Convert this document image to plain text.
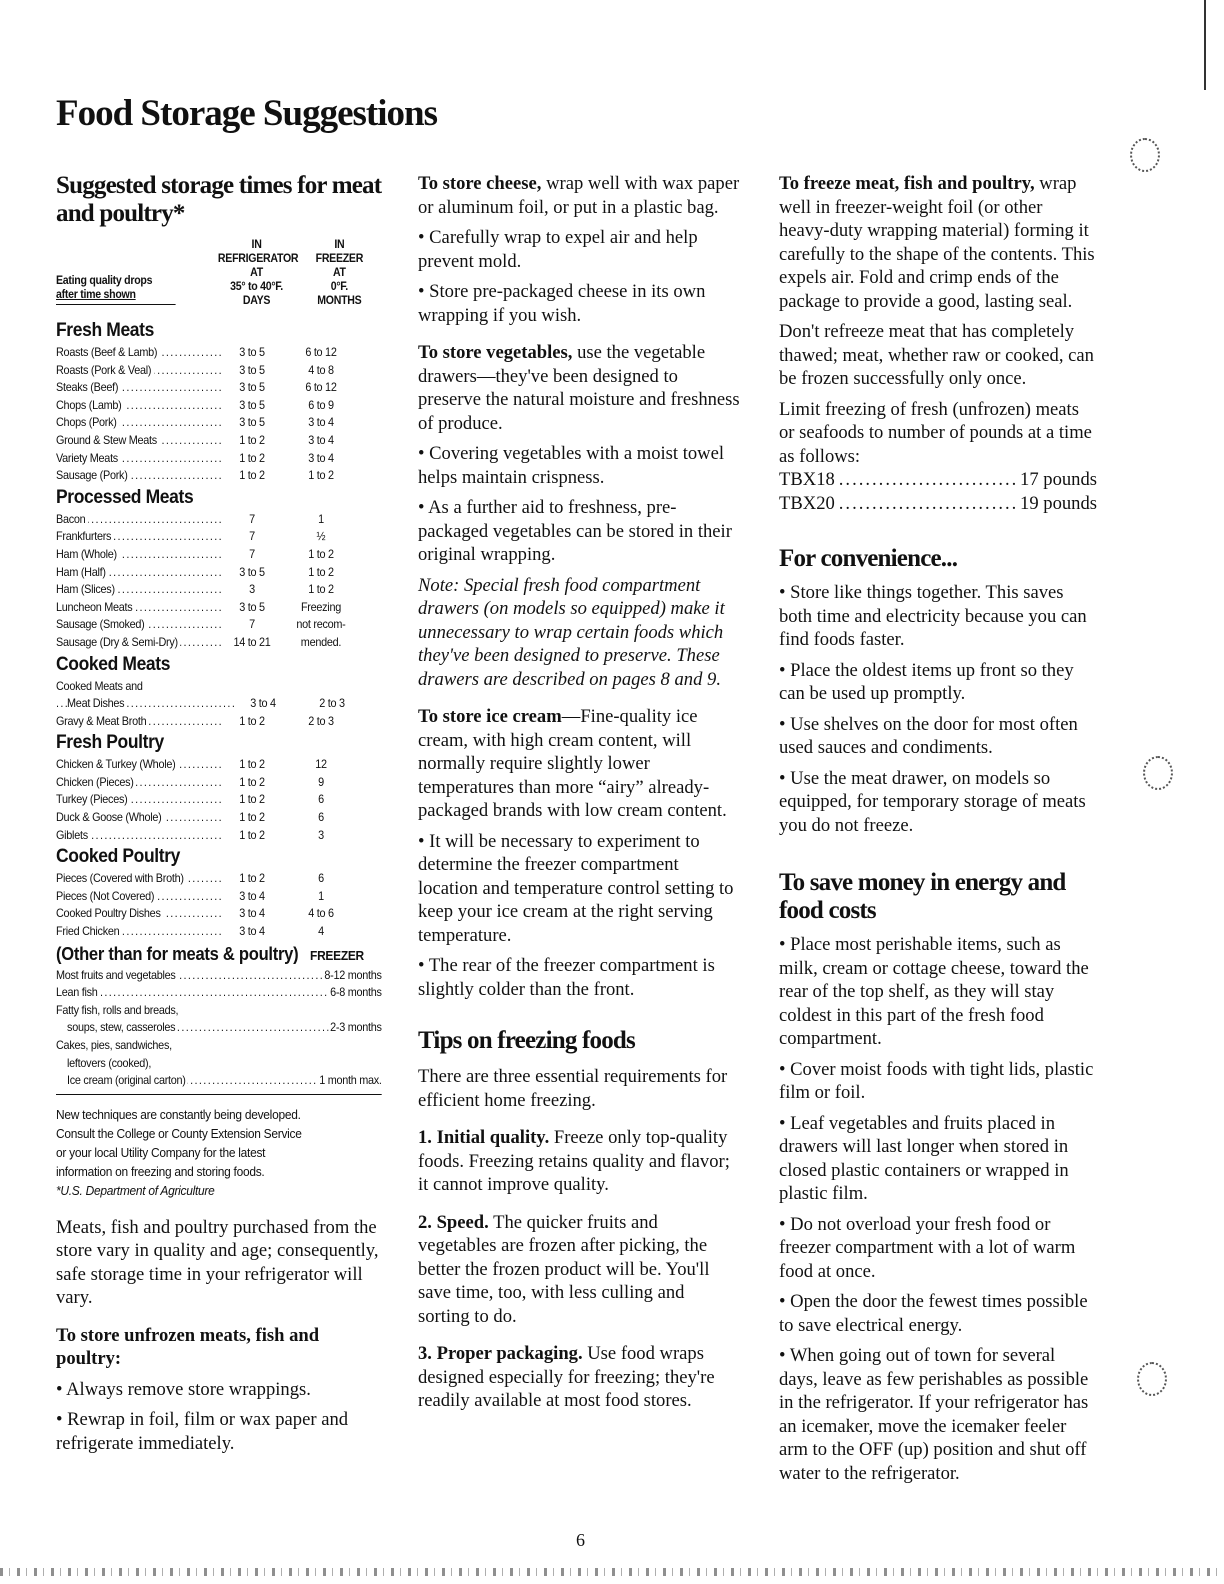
Food Storage Suggestions
Suggested storage times for meat and poultry*
Eating quality drops
after time shown
IN
REFRIGERATOR
AT
35° to 40°F.
DAYS
IN
FREEZER
AT
0°F.
MONTHS
Fresh Meats
Roasts (Beef & Lamb) .....	3 to 5	6 to 12
Roasts (Pork & Veal) .....	3 to 5	4 to 8
Steaks (Beef) .....	3 to 5	6 to 12
Chops (Lamb) .....	3 to 5	6 to 9
Chops (Pork) .....	3 to 5	3 to 4
Ground & Stew Meats .....	1 to 2	3 to 4
Variety Meats .....	1 to 2	3 to 4
Sausage (Pork) .....	1 to 2	1 to 2
Processed Meats
Bacon .....	7	1
Frankfurters .....	7	½
Ham (Whole) .....	7	1 to 2
Ham (Half) .....	3 to 5	1 to 2
Ham (Slices) .....	3	1 to 2
Luncheon Meats .....	3 to 5	Freezing
Sausage (Smoked) .....	7	not recom-
Sausage (Dry & Semi-Dry) .....	14 to 21	mended.
Cooked Meats
Cooked Meats and
Meat Dishes .....	3 to 4	2 to 3
Gravy & Meat Broth .....	1 to 2	2 to 3
Fresh Poultry
Chicken & Turkey (Whole) .....	1 to 2	12
Chicken (Pieces) .....	1 to 2	9
Turkey (Pieces) .....	1 to 2	6
Duck & Goose (Whole) .....	1 to 2	6
Giblets .....	1 to 2	3
Cooked Poultry
Pieces (Covered with Broth) .....	1 to 2	6
Pieces (Not Covered) .....	3 to 4	1
Cooked Poultry Dishes .....	3 to 4	4 to 6
Fried Chicken .....	3 to 4	4
(Other than for meats & poultry) FREEZER
Most fruits and vegetables .....	8-12 months
Lean fish .....	6-8 months
Fatty fish, rolls and breads,
soups, stew, casseroles .....	2-3 months
Cakes, pies, sandwiches,
leftovers (cooked),
Ice cream (original carton) .....	1 month max.
New techniques are constantly being developed.
Consult the College or County Extension Service
or your local Utility Company for the latest
information on freezing and storing foods.
*U.S. Department of Agriculture

Meats, fish and poultry purchased from the store vary in quality and age; consequently, safe storage time in your refrigerator will vary.

To store unfrozen meats, fish and poultry:

• Always remove store wrappings.

• Rewrap in foil, film or wax paper and refrigerate immediately.

To store cheese, wrap well with wax paper or aluminum foil, or put in a plastic bag.

• Carefully wrap to expel air and help prevent mold.

• Store pre-packaged cheese in its own wrapping if you wish.

To store vegetables, use the vegetable drawers—they've been designed to preserve the natural moisture and freshness of produce.

• Covering vegetables with a moist towel helps maintain crispness.

• As a further aid to freshness, pre-packaged vegetables can be stored in their original wrapping.

Note: Special fresh food compartment drawers (on models so equipped) make it unnecessary to wrap certain foods which they've been designed to preserve. These drawers are described on pages 8 and 9.

To store ice cream—Fine-quality ice cream, with high cream content, will normally require slightly lower temperatures than more “airy” already-packaged brands with low cream content.

• It will be necessary to experiment to determine the freezer compartment location and temperature control setting to keep your ice cream at the right serving temperature.

• The rear of the freezer compartment is slightly colder than the front.

Tips on freezing foods

There are three essential requirements for efficient home freezing.

1. Initial quality. Freeze only top-quality foods. Freezing retains quality and flavor; it cannot improve quality.

2. Speed. The quicker fruits and vegetables are frozen after picking, the better the frozen product will be. You'll save time, too, with less culling and sorting to do.

3. Proper packaging. Use food wraps designed especially for freezing; they're readily available at most food stores.

To freeze meat, fish and poultry, wrap well in freezer-weight foil (or other heavy-duty wrapping material) forming it carefully to the shape of the contents. This expels air. Fold and crimp ends of the package to provide a good, lasting seal.

Don't refreeze meat that has completely thawed; meat, whether raw or cooked, can be frozen successfully only once.

Limit freezing of fresh (unfrozen) meats or seafoods to number of pounds at a time as follows:

TBX18 .....	17 pounds
TBX20 .....	19 pounds
For convenience...

• Store like things together. This saves both time and electricity because you can find foods faster.

• Place the oldest items up front so they can be used up promptly.

• Use shelves on the door for most often used sauces and condiments.

• Use the meat drawer, on models so equipped, for temporary storage of meats you do not freeze.

To save money in energy and food costs

• Place most perishable items, such as milk, cream or cottage cheese, toward the rear of the top shelf, as they will stay coldest in this part of the fresh food compartment.

• Cover moist foods with tight lids, plastic film or foil.

• Leaf vegetables and fruits placed in drawers will last longer when stored in closed plastic containers or wrapped in plastic film.

• Do not overload your fresh food or freezer compartment with a lot of warm food at once.

• Open the door the fewest times possible to save electrical energy.

• When going out of town for several days, leave as few perishables as possible in the refrigerator. If your refrigerator has an icemaker, move the icemaker feeler arm to the OFF (up) position and shut off water to the refrigerator.

6
